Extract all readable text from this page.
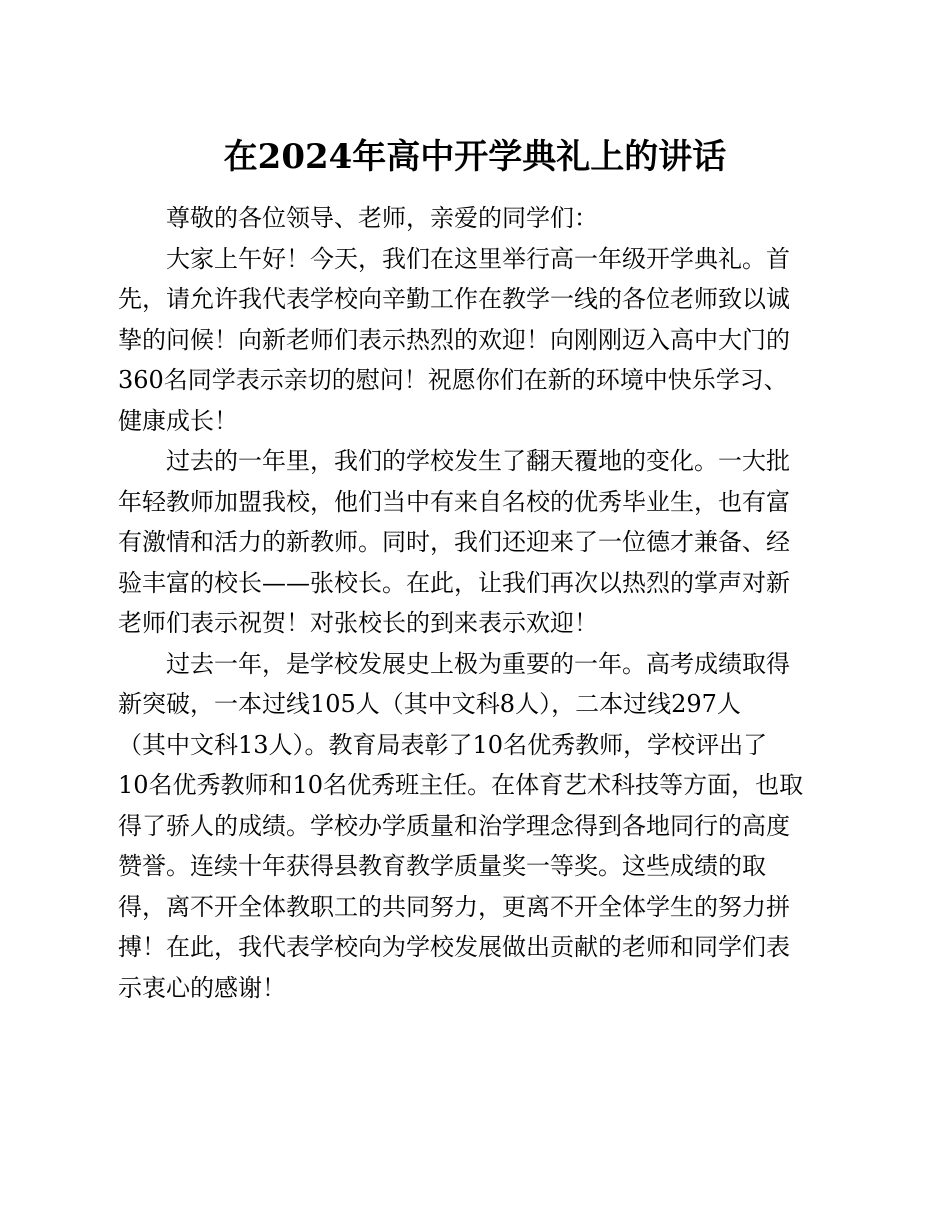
在2024年高中开学典礼上的讲话
尊敬的各位领导、老师，亲爱的同学们：
大家上午好！今天，我们在这里举行高一年级开学典礼。首
先，请允许我代表学校向辛勤工作在教学一线的各位老师致以诚
挚的问候！向新老师们表示热烈的欢迎！向刚刚迈入高中大门的
360名同学表示亲切的慰问！祝愿你们在新的环境中快乐学习、
健康成长！
过去的一年里，我们的学校发生了翻天覆地的变化。一大批
年轻教师加盟我校，他们当中有来自名校的优秀毕业生，也有富
有激情和活力的新教师。同时，我们还迎来了一位德才兼备、经
验丰富的校长——张校长。在此，让我们再次以热烈的掌声对新
老师们表示祝贺！对张校长的到来表示欢迎！
过去一年，是学校发展史上极为重要的一年。高考成绩取得
新突破，一本过线105人（其中文科8人），二本过线297人
（其中文科13人）。教育局表彰了10名优秀教师，学校评出了
10名优秀教师和10名优秀班主任。在体育艺术科技等方面，也取
得了骄人的成绩。学校办学质量和治学理念得到各地同行的高度
赞誉。连续十年获得县教育教学质量奖一等奖。这些成绩的取
得，离不开全体教职工的共同努力，更离不开全体学生的努力拼
搏！在此，我代表学校向为学校发展做出贡献的老师和同学们表
示衷心的感谢！
